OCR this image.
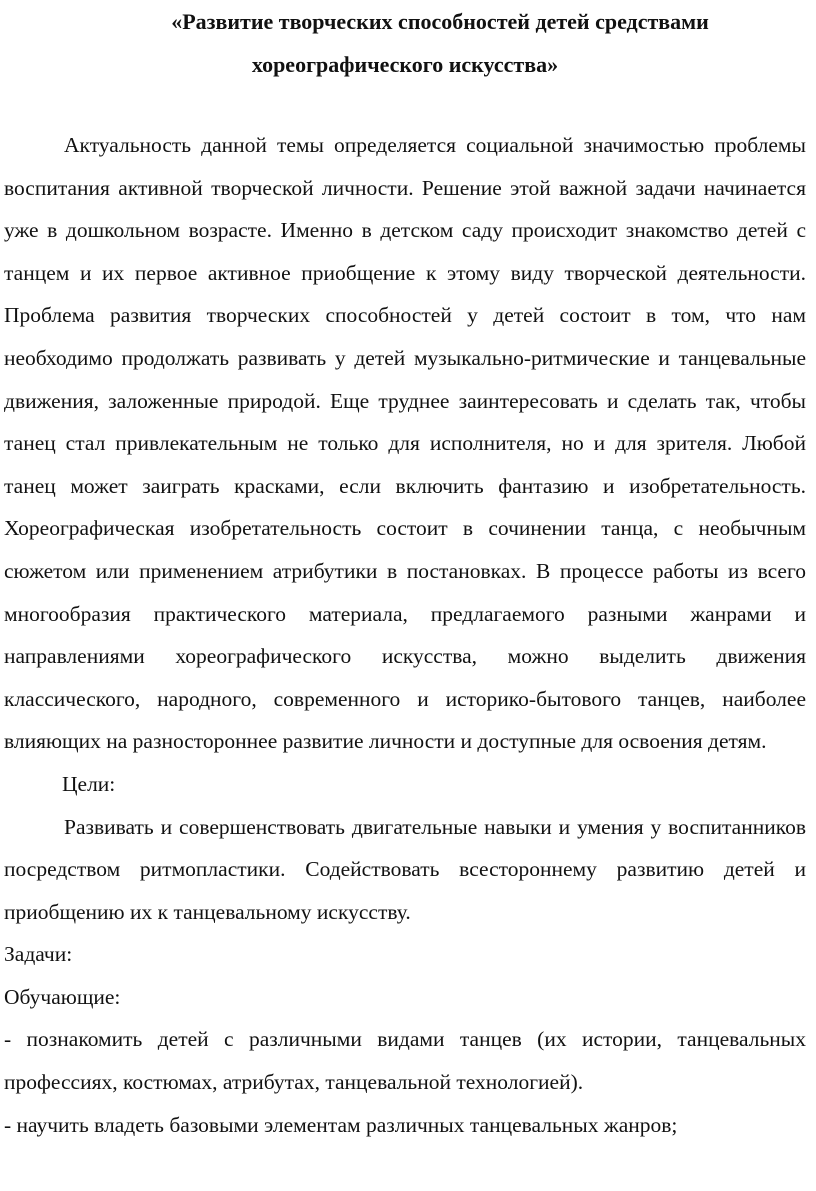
«Развитие творческих способностей детей средствами
хореографического искусства»

Актуальность данной темы определяется социальной значимостью проблемы воспитания активной творческой личности. Решение этой важной задачи начинается уже в дошкольном возрасте. Именно в детском саду происходит знакомство детей с танцем и их первое активное приобщение к этому виду творческой деятельности. Проблема развития творческих способностей у детей состоит в том, что нам необходимо продолжать развивать у детей музыкально-ритмические и танцевальные движения, заложенные природой. Еще труднее заинтересовать и сделать так, чтобы танец стал привлекательным не только для исполнителя, но и для зрителя. Любой танец может заиграть красками, если включить фантазию и изобретательность. Хореографическая изобретательность состоит в сочинении танца, с необычным сюжетом или применением атрибутики в постановках. В процессе работы из всего многообразия практического материала, предлагаемого разными жанрами и направлениями хореографического искусства, можно выделить движения классического, народного, современного и историко-бытового танцев, наиболее влияющих на разностороннее развитие личности и доступные для освоения детям.

Цели:

Развивать и совершенствовать двигательные навыки и умения у воспитанников посредством ритмопластики. Содействовать всестороннему развитию детей и приобщению их к танцевальному искусству.

Задачи:

Обучающие:

- познакомить детей с различными видами танцев (их истории, танцевальных профессиях, костюмах, атрибутах, танцевальной технологией).

- научить владеть базовыми элементам различных танцевальных жанров;
